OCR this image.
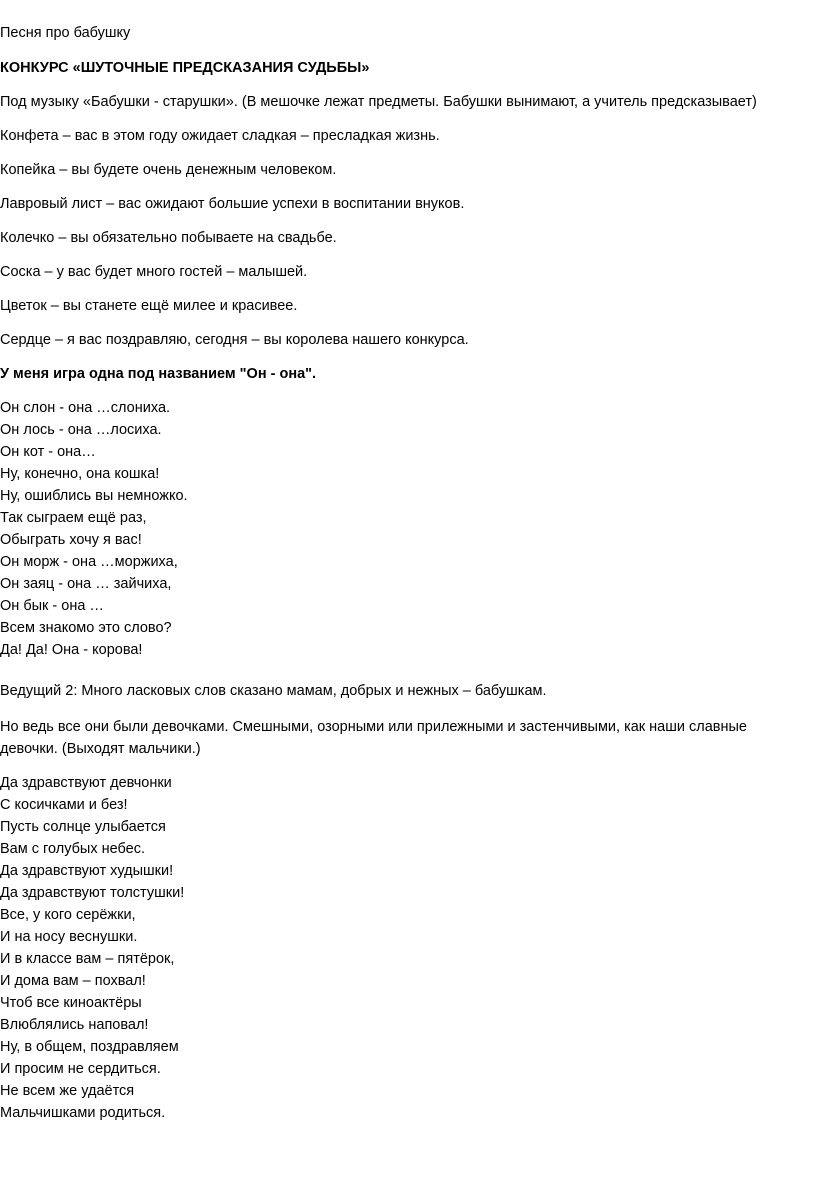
Песня про бабушку
КОНКУРС «ШУТОЧНЫЕ ПРЕДСКАЗАНИЯ СУДЬБЫ»
Под музыку «Бабушки - старушки». (В мешочке лежат предметы. Бабушки вынимают, а учитель предсказывает)
Конфета – вас в этом году ожидает сладкая – пресладкая жизнь.
Копейка – вы будете очень денежным человеком.
Лавровый лист – вас ожидают большие успехи в воспитании внуков.
Колечко – вы обязательно побываете на свадьбе.
Соска – у вас будет много гостей – малышей.
Цветок – вы станете ещё милее и красивее.
Сердце – я вас поздравляю, сегодня – вы королева нашего конкурса.
У меня игра одна под названием "Он - она".
Он слон - она …слониха.
Он лось - она …лосиха.
Он кот - она…
Ну, конечно, она кошка!
Ну, ошиблись вы немножко.
Так сыграем ещё раз,
Обыграть хочу я вас!
Он морж - она …моржиха,
Он заяц - она … зайчиха,
Он бык - она …
Всем знакомо это слово?
Да! Да! Она - корова!
Ведущий 2: Много ласковых слов сказано мамам, добрых и нежных – бабушкам.
Но ведь все они были девочками. Смешными, озорными или прилежными и застенчивыми, как наши славные
девочки. (Выходят мальчики.)
Да здравствуют девчонки
С косичками и без!
Пусть солнце улыбается
Вам с голубых небес.
Да здравствуют худышки!
Да здравствуют толстушки!
Все, у кого серёжки,
И на носу веснушки.
И в классе вам – пятёрок,
И дома вам – похвал!
Чтоб все киноактёры
Влюблялись наповал!
Ну, в общем, поздравляем
И просим не сердиться.
Не всем же удаётся
Мальчишками родиться.
